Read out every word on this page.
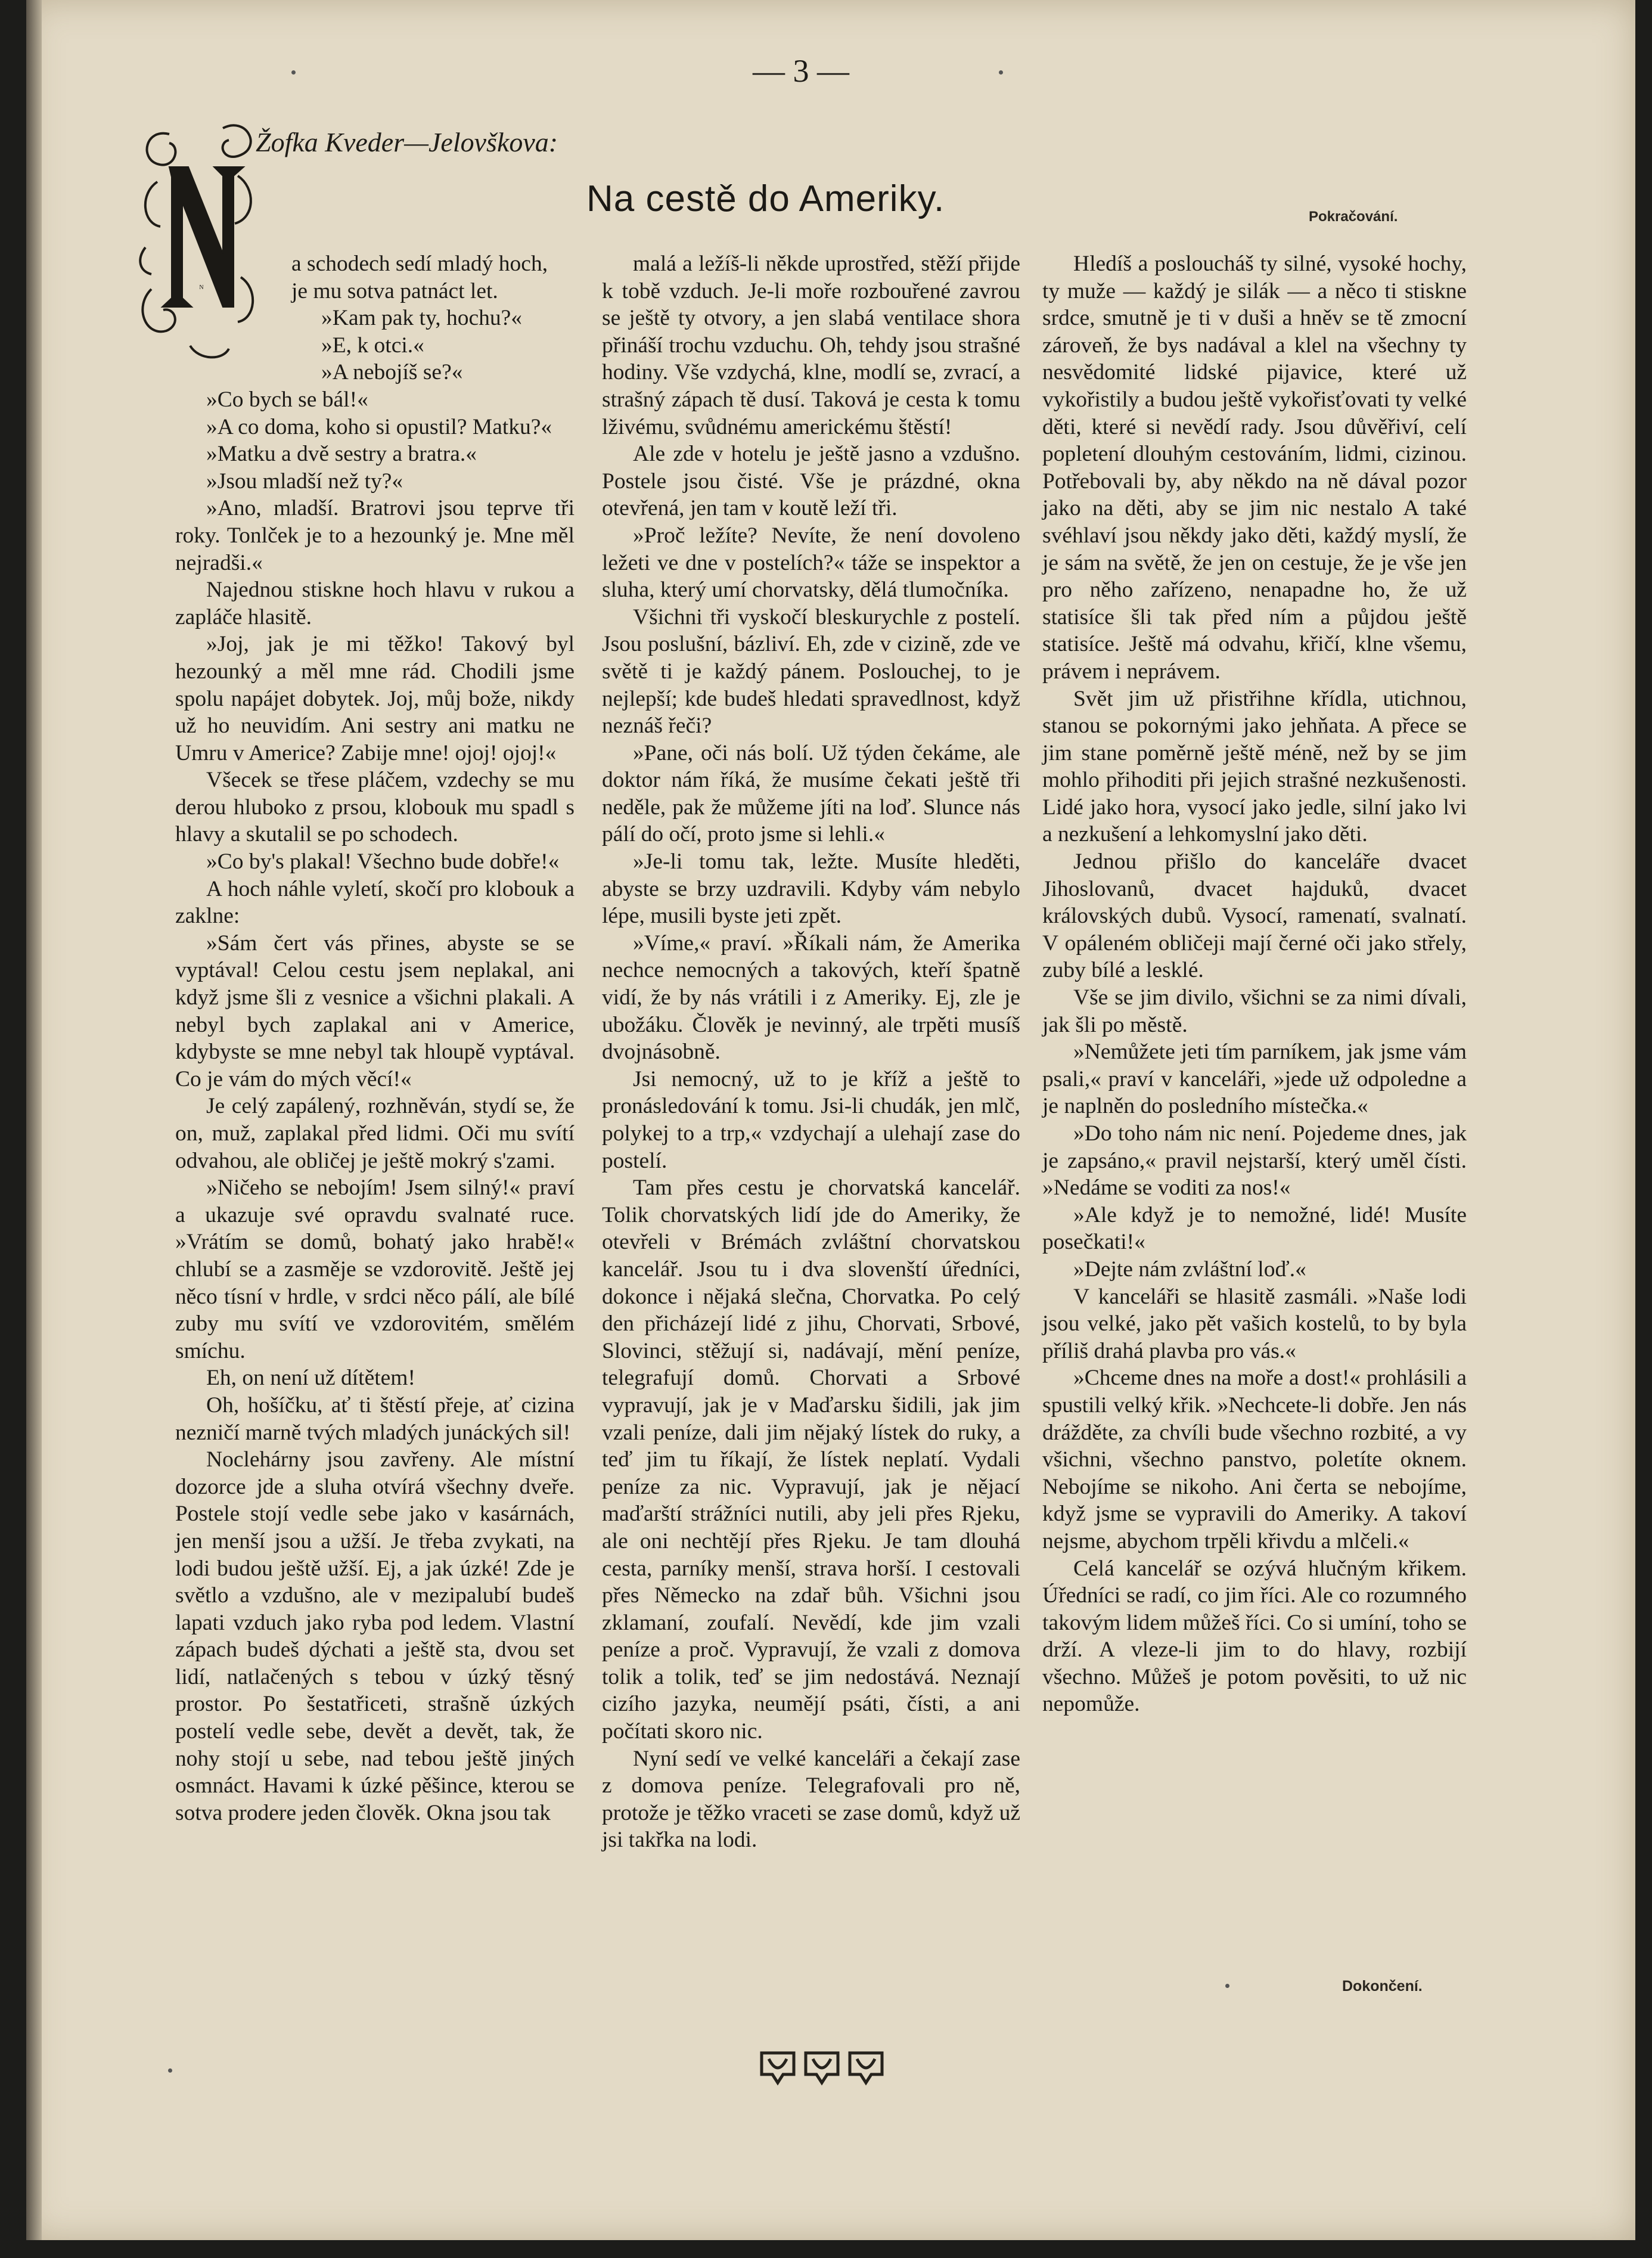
— 3 —
Žofka Kveder—Jelovškova:
Na cestě do Ameriky.	Pokračování.
N

a schodech sedí mladý hoch,

je mu sotva patnáct let.

»Kam pak ty, hochu?«

»E, k otci.«

»A nebojíš se?«

»Co bych se bál!«

»A co doma, koho si opustil? Matku?«

»Matku a dvě sestry a bratra.«

»Jsou mladší než ty?«

»Ano, mladší. Bratrovi jsou teprve tři roky. Tonlček je to a hezounký je. Mne měl nejradši.«

Najednou stiskne hoch hlavu v rukou a zapláče hlasitě.

»Joj, jak je mi těžko! Takový byl hezounký a měl mne rád. Chodili jsme spolu napájet dobytek. Joj, můj bože, nikdy už ho neuvidím. Ani sestry ani matku ne Umru v Americe? Zabije mne! ojoj! ojoj!«

Všecek se třese pláčem, vzdechy se mu derou hluboko z prsou, klobouk mu spadl s hlavy a skutalil se po schodech.

»Co by's plakal! Všechno bude dobře!«

A hoch náhle vyletí, skočí pro klobouk a zaklne:

»Sám čert vás přines, abyste se se vyptával! Celou cestu jsem neplakal, ani když jsme šli z vesnice a všichni plakali. A nebyl bych zaplakal ani v Americe, kdybyste se mne nebyl tak hloupě vyptával. Co je vám do mých věcí!«

Je celý zapálený, rozhněván, stydí se, že on, muž, zaplakal před lidmi. Oči mu svítí odvahou, ale obličej je ještě mokrý s'zami.

»Ničeho se nebojím! Jsem silný!« praví a ukazuje své opravdu svalnaté ruce. »Vrátím se domů, bohatý jako hrabě!« chlubí se a zasměje se vzdorovitě. Ještě jej něco tísní v hrdle, v srdci něco pálí, ale bílé zuby mu svítí ve vzdorovitém, smělém smíchu.

Eh, on není už dítětem!

Oh, hošíčku, ať ti štěstí přeje, ať cizina nezničí marně tvých mladých junáckých sil!

Noclehárny jsou zavřeny. Ale místní dozorce jde a sluha otvírá všechny dveře. Postele stojí vedle sebe jako v kasárnách, jen menší jsou a užší. Je třeba zvykati, na lodi budou ještě užší. Ej, a jak úzké! Zde je světlo a vzdušno, ale v mezipalubí budeš lapati vzduch jako ryba pod ledem. Vlastní zápach budeš dýchati a ještě sta, dvou set lidí, natlačených s tebou v úzký těsný prostor. Po šestatřiceti, strašně úzkých postelí vedle sebe, devět a devět, tak, že nohy stojí u sebe, nad tebou ještě jiných osmnáct. Havami k úzké pěšince, kterou se sotva prodere jeden člověk. Okna jsou tak

malá a ležíš-li někde uprostřed, stěží přijde k tobě vzduch. Je-li moře rozbouřené zavrou se ještě ty otvory, a jen slabá ventilace shora přináší trochu vzduchu. Oh, tehdy jsou strašné hodiny. Vše vzdychá, klne, modlí se, zvrací, a strašný zápach tě dusí. Taková je cesta k tomu lživému, svůdnému americkému štěstí!

Ale zde v hotelu je ještě jasno a vzdušno. Postele jsou čisté. Vše je prázdné, okna otevřená, jen tam v koutě leží tři.

»Proč ležíte? Nevíte, že není dovoleno ležeti ve dne v postelích?« táže se inspektor a sluha, který umí chorvatsky, dělá tlumočníka.

Všichni tři vyskočí bleskurychle z postelí. Jsou poslušní, bázliví. Eh, zde v cizině, zde ve světě ti je každý pánem. Poslouchej, to je nejlepší; kde budeš hledati spravedlnost, když neznáš řeči?

»Pane, oči nás bolí. Už týden čekáme, ale doktor nám říká, že musíme čekati ještě tři neděle, pak že můžeme jíti na loď. Slunce nás pálí do očí, proto jsme si lehli.«

»Je-li tomu tak, ležte. Musíte hleděti, abyste se brzy uzdravili. Kdyby vám nebylo lépe, musili byste jeti zpět.

»Víme,« praví. »Říkali nám, že Amerika nechce nemocných a takových, kteří špatně vidí, že by nás vrátili i z Ameriky. Ej, zle je ubožáku. Člověk je nevinný, ale trpěti musíš dvojnásobně.

Jsi nemocný, už to je kříž a ještě to pronásledování k tomu. Jsi-li chudák, jen mlč, polykej to a trp,« vzdychají a ulehají zase do postelí.

Tam přes cestu je chorvatská kancelář. Tolik chorvatských lidí jde do Ameriky, že otevřeli v Brémách zvláštní chorvatskou kancelář. Jsou tu i dva slovenští úředníci, dokonce i nějaká slečna, Chorvatka. Po celý den přicházejí lidé z jihu, Chorvati, Srbové, Slovinci, stěžují si, nadávají, mění peníze, telegrafují domů. Chorvati a Srbové vypravují, jak je v Maďarsku šidili, jak jim vzali peníze, dali jim nějaký lístek do ruky, a teď jim tu říkají, že lístek neplatí. Vydali peníze za nic. Vypravují, jak je nějací maďarští strážníci nutili, aby jeli přes Rjeku, ale oni nechtějí přes Rjeku. Je tam dlouhá cesta, parníky menší, strava horší. I cestovali přes Německo na zdař bůh. Všichni jsou zklamaní, zoufalí. Nevědí, kde jim vzali peníze a proč. Vypravují, že vzali z domova tolik a tolik, teď se jim nedostává. Neznají cizího jazyka, neumějí psáti, čísti, a ani počítati skoro nic.

Nyní sedí ve velké kanceláři a čekají zase z domova peníze. Telegrafovali pro ně, protože je těžko vraceti se zase domů, když už jsi takřka na lodi.

Hledíš a posloucháš ty silné, vysoké hochy, ty muže — každý je silák — a něco ti stiskne srdce, smutně je ti v duši a hněv se tě zmocní zároveň, že bys nadával a klel na všechny ty nesvědomité lidské pijavice, které už vykořistily a budou ještě vykořisťovati ty velké děti, které si nevědí rady. Jsou důvěřiví, celí popletení dlouhým cestováním, lidmi, cizinou. Potřebovali by, aby někdo na ně dával pozor jako na děti, aby se jim nic nestalo A také svéhlaví jsou někdy jako děti, každý myslí, že je sám na světě, že jen on cestuje, že je vše jen pro něho zařízeno, nenapadne ho, že už statisíce šli tak před ním a půjdou ještě statisíce. Ještě má odvahu, křičí, klne všemu, právem i neprávem.

Svět jim už přistřihne křídla, utichnou, stanou se pokornými jako jehňata. A přece se jim stane poměrně ještě méně, než by se jim mohlo přihoditi při jejich strašné nezkušenosti. Lidé jako hora, vysocí jako jedle, silní jako lvi a nezkušení a lehkomyslní jako děti.

Jednou přišlo do kanceláře dvacet Jihoslovanů, dvacet hajduků, dvacet královských dubů. Vysocí, ramenatí, svalnatí. V opáleném obličeji mají černé oči jako střely, zuby bílé a lesklé.

Vše se jim divilo, všichni se za nimi dívali, jak šli po městě.

»Nemůžete jeti tím parníkem, jak jsme vám psali,« praví v kanceláři, »jede už odpoledne a je naplněn do posledního místečka.«

»Do toho nám nic není. Pojedeme dnes, jak je zapsáno,« pravil nejstarší, který uměl čísti. »Nedáme se voditi za nos!«

»Ale když je to nemožné, lidé! Musíte posečkati!«

»Dejte nám zvláštní loď.«

V kanceláři se hlasitě zasmáli. »Naše lodi jsou velké, jako pět vašich kostelů, to by byla příliš drahá plavba pro vás.«

»Chceme dnes na moře a dost!« prohlásili a spustili velký křik. »Nechcete-li dobře. Jen nás drážděte, za chvíli bude všechno rozbité, a vy všichni, všechno panstvo, poletíte oknem. Nebojíme se nikoho. Ani čerta se nebojíme, když jsme se vypravili do Ameriky. A takoví nejsme, abychom trpěli křivdu a mlčeli.«

Celá kancelář se ozývá hlučným křikem. Úředníci se radí, co jim říci. Ale co rozumného takovým lidem můžeš říci. Co si umíní, toho se drží. A vleze-li jim to do hlavy, rozbijí všechno. Můžeš je potom pověsiti, to už nic nepomůže.

Dokončení.
